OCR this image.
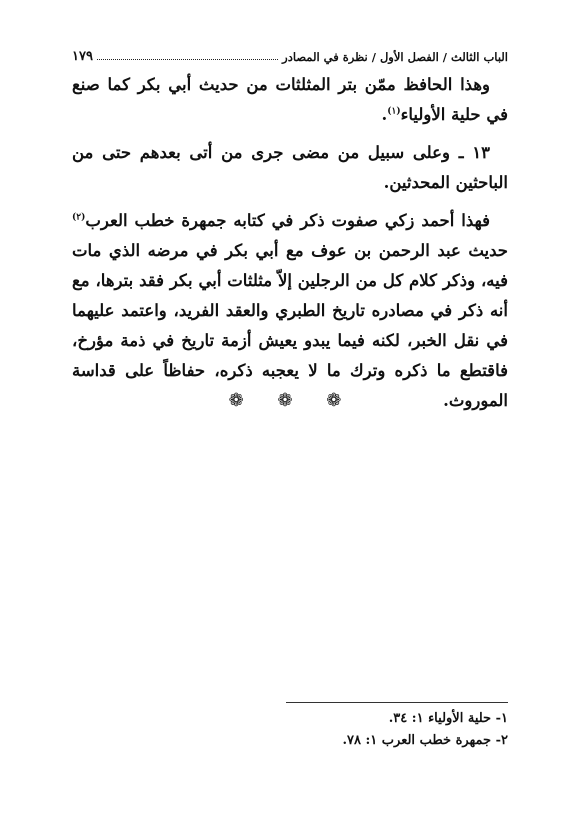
الباب الثالث / الفصل الأول / نظرة في المصادر
١٧٩

وهذا الحافظ ممّن بتر المثلثات من حديث أبي بكر كما صنع في حلية الأولياء$^{(١)}$.

١٣ ـ وعلى سبيل من مضى جرى من أتى بعدهم حتى من الباحثين المحدثين.

فهذا أحمد زكي صفوت ذكر في كتابه جمهرة خطب العرب$^{(٢)}$ حديث عبد الرحمن بن عوف مع أبي بكر في مرضه الذي مات فيه، وذكر كلام كل من الرجلين إلاّ مثلثات أبي بكر فقد بترها، مع أنه ذكر في مصادره تاريخ الطبري والعقد الفريد، واعتمد عليهما في نقل الخبر، لكنه فيما يبدو يعيش أزمة تاريخ في ذمة مؤرخ، فاقتطع ما ذكره وترك ما لا يعجبه ذكره، حفاظاً على قداسة الموروث.

❁ ❁ ❁
١- حلية الأولياء ١: ٣٤.
٢- جمهرة خطب العرب ١: ٧٨.
